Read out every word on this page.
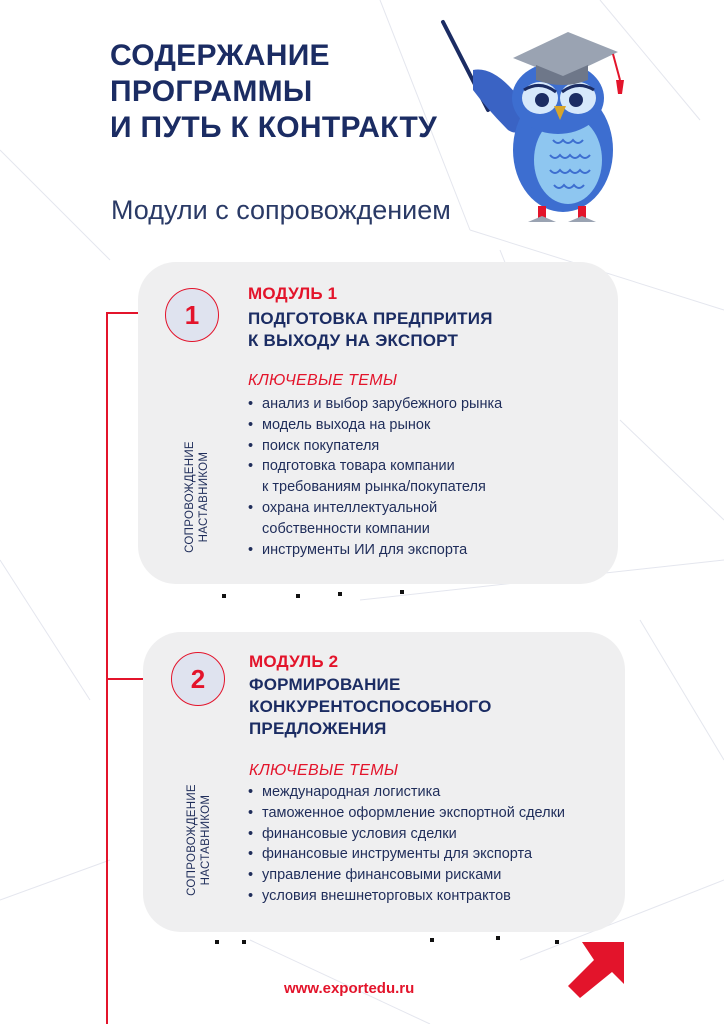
СОДЕРЖАНИЕ
ПРОГРАММЫ
И ПУТЬ К КОНТРАКТУ
Модули с сопровождением
1
МОДУЛЬ 1
ПОДГОТОВКА ПРЕДПРИТИЯ
К ВЫХОДУ НА ЭКСПОРТ
КЛЮЧЕВЫЕ ТЕМЫ
• анализ и выбор зарубежного рынка
• модель выхода на рынок
• поиск покупателя
• подготовка товара компании
к требованиям рынка/покупателя
• охрана интеллектуальной
собственности компании
• инструменты ИИ для экспорта
СОПРОВОЖДЕНИЕ НАСТАВНИКОМ
2
МОДУЛЬ 2
ФОРМИРОВАНИЕ
КОНКУРЕНТОСПОСОБНОГО
ПРЕДЛОЖЕНИЯ
КЛЮЧЕВЫЕ ТЕМЫ
• международная логистика
• таможенное оформление экспортной сделки
• финансовые условия сделки
• финансовые инструменты для экспорта
• управление финансовыми рисками
• условия внешнеторговых контрактов
СОПРОВОЖДЕНИЕ НАСТАВНИКОМ
www.exportedu.ru
